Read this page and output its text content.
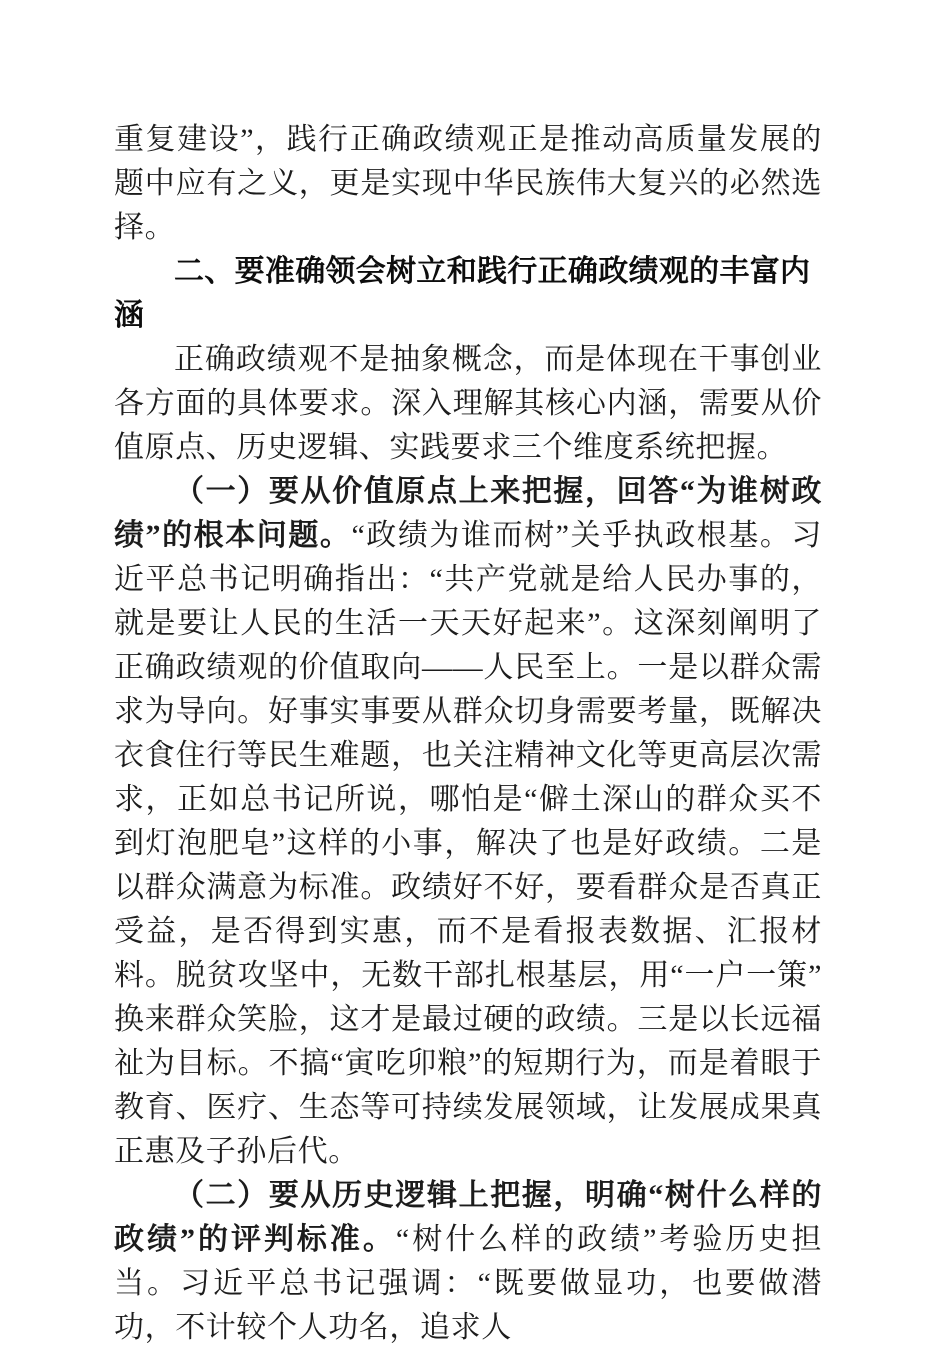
重复建设”，践行正确政绩观正是推动高质量发展的题中应有之义，更是实现中华民族伟大复兴的必然选择。

二、要准确领会树立和践行正确政绩观的丰富内涵

正确政绩观不是抽象概念，而是体现在干事创业各方面的具体要求。深入理解其核心内涵，需要从价值原点、历史逻辑、实践要求三个维度系统把握。

（一）要从价值原点上来把握，回答“为谁树政绩”的根本问题。“政绩为谁而树”关乎执政根基。习近平总书记明确指出：“共产党就是给人民办事的，就是要让人民的生活一天天好起来”。这深刻阐明了正确政绩观的价值取向——人民至上。一是以群众需求为导向。好事实事要从群众切身需要考量，既解决衣食住行等民生难题，也关注精神文化等更高层次需求，正如总书记所说，哪怕是“僻土深山的群众买不到灯泡肥皂”这样的小事，解决了也是好政绩。二是以群众满意为标准。政绩好不好，要看群众是否真正受益，是否得到实惠，而不是看报表数据、汇报材料。脱贫攻坚中，无数干部扎根基层，用“一户一策”换来群众笑脸，这才是最过硬的政绩。三是以长远福祉为目标。不搞“寅吃卯粮”的短期行为，而是着眼于教育、医疗、生态等可持续发展领域，让发展成果真正惠及子孙后代。

（二）要从历史逻辑上把握，明确“树什么样的政绩”的评判标准。“树什么样的政绩”考验历史担当。习近平总书记强调：“既要做显功，也要做潜功，不计较个人功名，追求人
